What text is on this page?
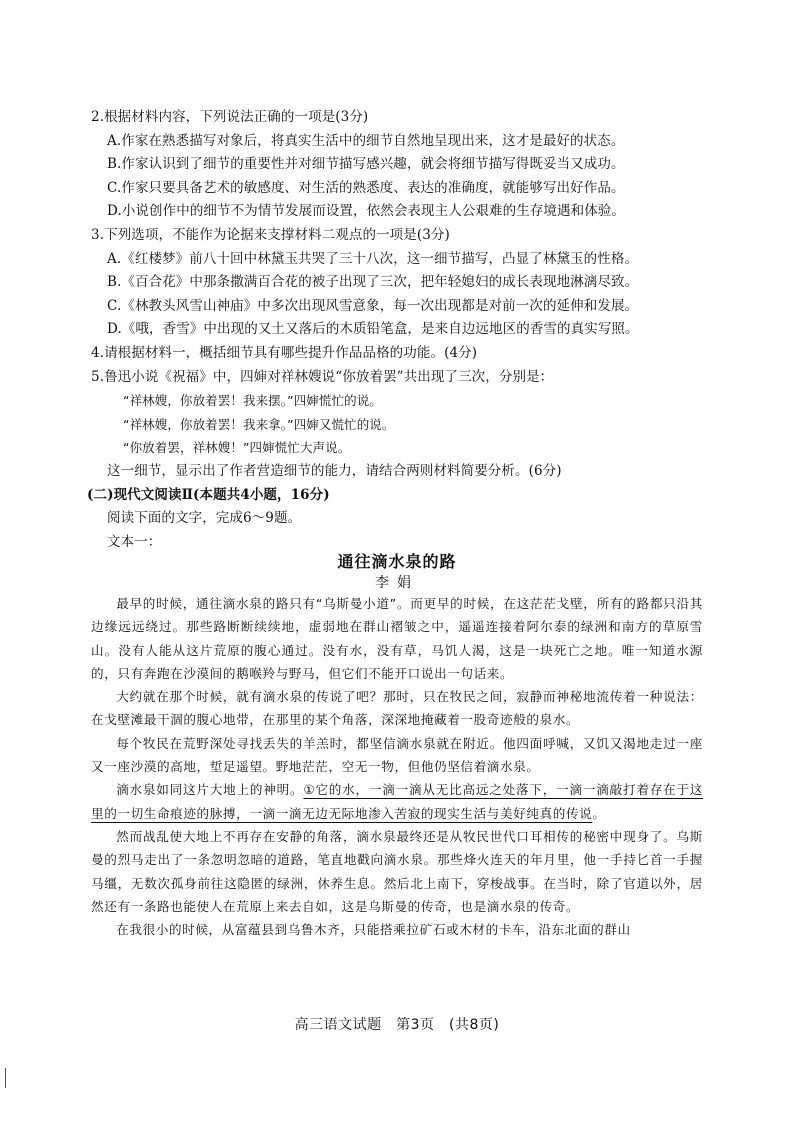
2.根据材料内容，下列说法正确的一项是(3分)
A.作家在熟悉描写对象后，将真实生活中的细节自然地呈现出来，这才是最好的状态。
B.作家认识到了细节的重要性并对细节描写感兴趣，就会将细节描写得既妥当又成功。
C.作家只要具备艺术的敏感度、对生活的熟悉度、表达的准确度，就能够写出好作品。
D.小说创作中的细节不为情节发展而设置，依然会表现主人公艰难的生存境遇和体验。
3.下列选项，不能作为论据来支撑材料二观点的一项是(3分)
A.《红楼梦》前八十回中林黛玉共哭了三十八次，这一细节描写，凸显了林黛玉的性格。
B.《百合花》中那条撒满百合花的被子出现了三次，把年轻媳妇的成长表现地淋漓尽致。
C.《林教头风雪山神庙》中多次出现风雪意象，每一次出现都是对前一次的延伸和发展。
D.《哦，香雪》中出现的又土又落后的木质铅笔盒，是来自边远地区的香雪的真实写照。
4.请根据材料一，概括细节具有哪些提升作品品格的功能。(4分)
5.鲁迅小说《祝福》中，四婶对祥林嫂说“你放着罢”共出现了三次，分别是：
“祥林嫂，你放着罢！我来摆。”四婶慌忙的说。
“祥林嫂，你放着罢！我来拿。”四婶又慌忙的说。
“你放着罢，祥林嫂！”四婶慌忙大声说。
这一细节，显示出了作者营造细节的能力，请结合两则材料简要分析。(6分)
(二)现代文阅读Ⅱ(本题共4小题，16分)
阅读下面的文字，完成6～9题。
文本一：
通往滴水泉的路
李娟

最早的时候，通往滴水泉的路只有“乌斯曼小道”。而更早的时候，在这茫茫戈壁，所有的路都只沿其边缘远远绕过。那些路断断续续地，虚弱地在群山褶皱之中，遥遥连接着阿尔泰的绿洲和南方的草原雪山。没有人能从这片荒原的腹心通过。没有水，没有草，马饥人渴，这是一块死亡之地。唯一知道水源的，只有奔跑在沙漠间的鹅喉羚与野马，但它们不能开口说出一句话来。

大约就在那个时候，就有滴水泉的传说了吧？那时，只在牧民之间，寂静而神秘地流传着一种说法：在戈壁滩最干涸的腹心地带，在那里的某个角落，深深地掩藏着一股奇迹般的泉水。

每个牧民在荒野深处寻找丢失的羊羔时，都坚信滴水泉就在附近。他四面呼喊，又饥又渴地走过一座又一座沙漠的高地，埑足遥望。野地茫茫，空无一物，但他仍坚信着滴水泉。

滴水泉如同这片大地上的神明。①它的水，一滴一滴从无比高远之处落下，一滴一滴敲打着存在于这里的一切生命痕迹的脉搏，一滴一滴无边无际地渗入苦寂的现实生活与美好纯真的传说。

然而战乱使大地上不再存在安静的角落，滴水泉最终还是从牧民世代口耳相传的秘密中现身了。乌斯曼的烈马走出了一条忽明忽暗的道路，笔直地戳向滴水泉。那些烽火连天的年月里，他一手持匕首一手握马缰，无数次孤身前往这隐匿的绿洲，休养生息。然后北上南下，穿梭战事。在当时，除了官道以外，居然还有一条路也能使人在荒原上来去自如，这是乌斯曼的传奇，也是滴水泉的传奇。

在我很小的时候，从富蕴县到乌鲁木齐，只能搭乘拉矿石或木材的卡车，沿东北面的群山

高三语文试题　第3页　(共8页)
